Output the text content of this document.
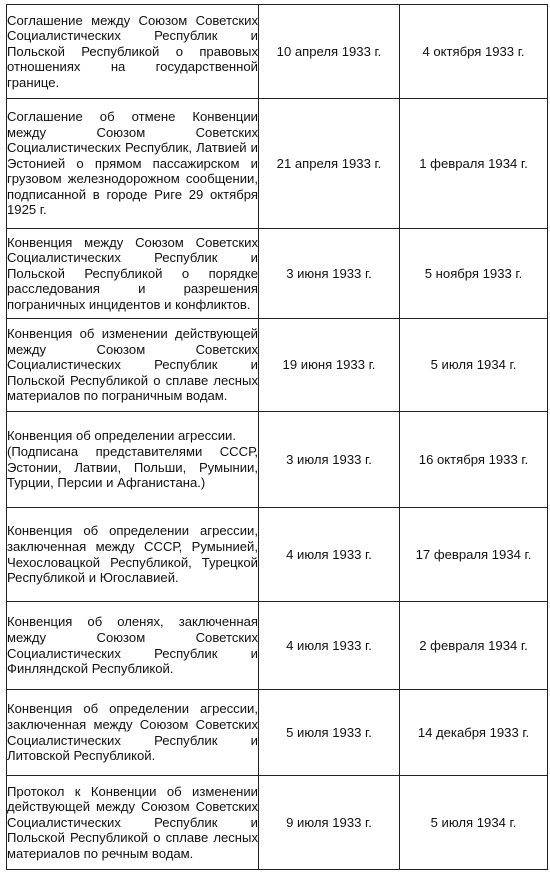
Соглашение между Союзом Советских Социалистических Республик и Польской Республикой о правовых отношениях на государственной границе.	10 апреля 1933 г.	4 октября 1933 г.

Соглашение об отмене Конвенции между Союзом Советских Социалистических Республик, Латвией и Эстонией о прямом пассажирском и грузовом железнодорожном сообщении, подписанной в городе Риге 29 октября 1925 г.	21 апреля 1933 г.	1 февраля 1934 г.

Конвенция между Союзом Советских Социалистических Республик и Польской Республикой о порядке расследования и разрешения пограничных инцидентов и конфликтов.	3 июня 1933 г.	5 ноября 1933 г.

Конвенция об изменении действующей между Союзом Советских Социалистических Республик и Польской Республикой о сплаве лесных материалов по пограничным водам.	19 июня 1933 г.	5 июля 1934 г.

Конвенция об определении агрессии.
(Подписана представителями СССР, Эстонии, Латвии, Польши, Румынии, Турции, Персии и Афганистана.)	3 июля 1933 г.	16 октября 1933 г.

Конвенция об определении агрессии, заключенная между СССР, Румынией, Чехословацкой Республикой, Турецкой Республикой и Югославией.	4 июля 1933 г.	17 февраля 1934 г.

Конвенция об оленях, заключенная между Союзом Советских Социалистических Республик и Финляндской Республикой.	4 июля 1933 г.	2 февраля 1934 г.

Конвенция об определении агрессии, заключенная между Союзом Советских Социалистических Республик и Литовской Республикой.	5 июля 1933 г.	14 декабря 1933 г.

Протокол к Конвенции об изменении действующей между Союзом Советских Социалистических Республик и Польской Республикой о сплаве лесных материалов по речным водам.	9 июля 1933 г.	5 июля 1934 г.
